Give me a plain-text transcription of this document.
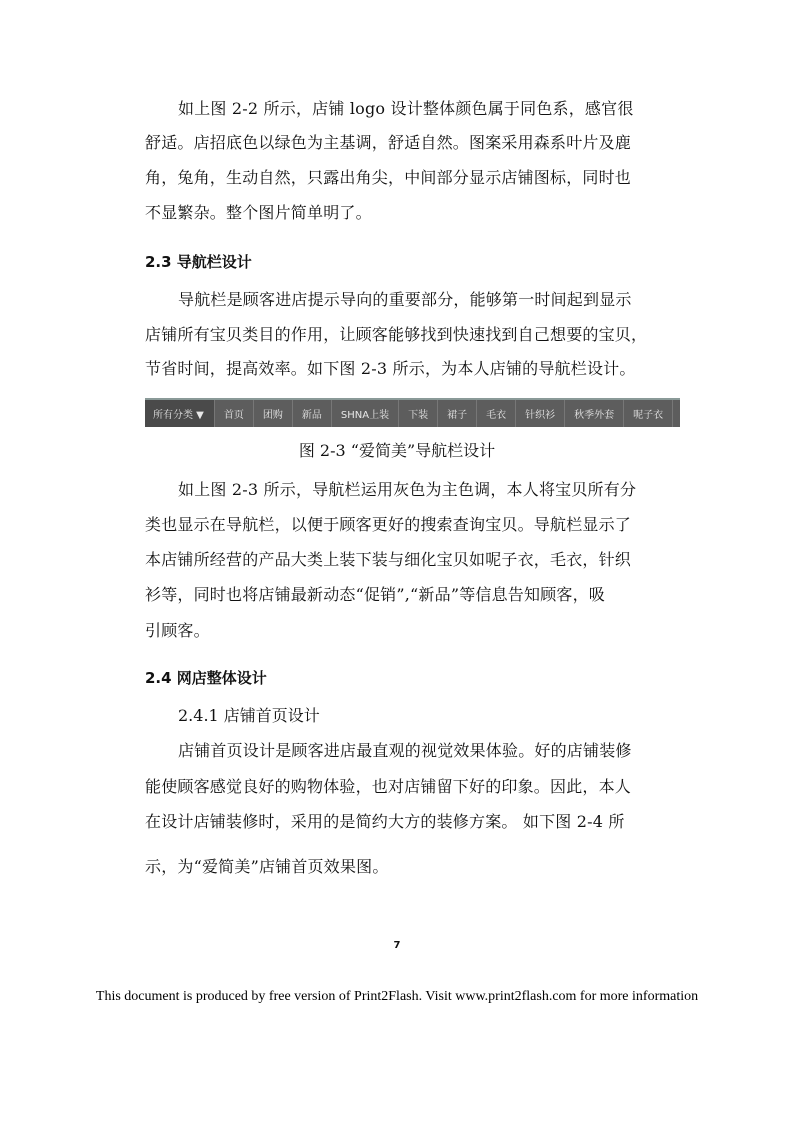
如上图 2-2 所示，店铺 logo 设计整体颜色属于同色系，感官很
舒适。店招底色以绿色为主基调，舒适自然。图案采用森系叶片及鹿
角，兔角，生动自然，只露出角尖，中间部分显示店铺图标，同时也
不显繁杂。整个图片简单明了。
2.3 导航栏设计
导航栏是顾客进店提示导向的重要部分，能够第一时间起到显示
店铺所有宝贝类目的作用，让顾客能够找到快速找到自己想要的宝贝，
节省时间，提高效率。如下图 2-3 所示，为本人店铺的导航栏设计。
所有分类 ▼	首页	团购	新品	SHNA上装	下装	裙子	毛衣	针织衫	秋季外套	呢子衣
图 2-3 “爱简美”导航栏设计
如上图 2-3 所示，导航栏运用灰色为主色调，本人将宝贝所有分
类也显示在导航栏，以便于顾客更好的搜索查询宝贝。导航栏显示了
本店铺所经营的产品大类上装下装与细化宝贝如呢子衣，毛衣，针织
衫等，同时也将店铺最新动态“促销”,“新品”等信息告知顾客，吸
引顾客。
2.4 网店整体设计
2.4.1 店铺首页设计
店铺首页设计是顾客进店最直观的视觉效果体验。好的店铺装修
能使顾客感觉良好的购物体验，也对店铺留下好的印象。因此，本人
在设计店铺装修时，采用的是简约大方的装修方案。 如下图 2-4 所
示，为“爱简美”店铺首页效果图。
7
This document is produced by free version of Print2Flash. Visit www.print2flash.com for more information
